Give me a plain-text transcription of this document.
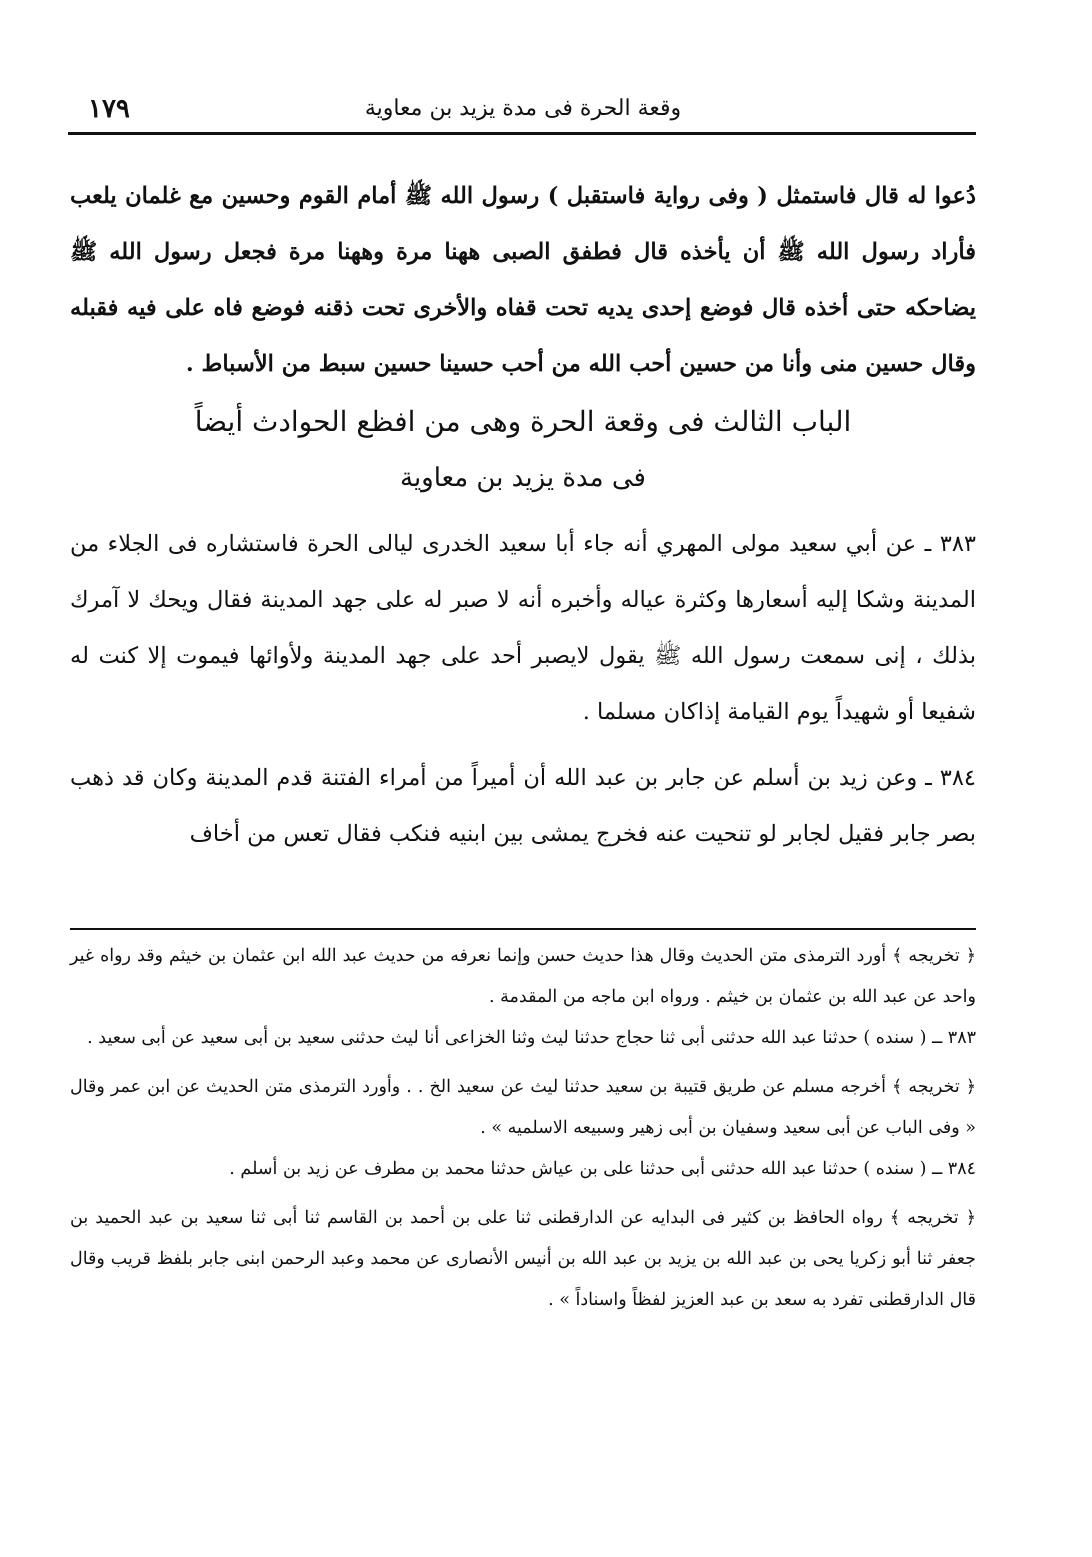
١٧٩	وقعة الحرة فى مدة يزيد بن معاوية

دُعوا له قال فاستمثل ( وفى رواية فاستقبل ) رسول الله ﷺ أمام القوم وحسين مع غلمان يلعب فأراد رسول الله ﷺ أن يأخذه قال فطفق الصبى ههنا مرة وههنا مرة فجعل رسول الله ﷺ يضاحكه حتى أخذه قال فوضع إحدى يديه تحت قفاه والأخرى تحت ذقنه فوضع فاه على فيه فقبله وقال حسين منى وأنا من حسين أحب الله من أحب حسينا حسين سبط من الأسباط .

الباب الثالث فى وقعة الحرة وهى من افظع الحوادث أيضاً
فى مدة يزيد بن معاوية

٣٨٣ ـ عن أبي سعيد مولى المهري أنه جاء أبا سعيد الخدرى ليالى الحرة فاستشاره فى الجلاء من المدينة وشكا إليه أسعارها وكثرة عياله وأخبره أنه لا صبر له على جهد المدينة فقال ويحك لا آمرك بذلك ، إنى سمعت رسول الله ﷺ يقول لايصبر أحد على جهد المدينة ولأوائها فيموت إلا كنت له شفيعا أو شهيداً يوم القيامة إذاكان مسلما .

٣٨٤ ـ وعن زيد بن أسلم عن جابر بن عبد الله أن أميراً من أمراء الفتنة قدم المدينة وكان قد ذهب بصر جابر فقيل لجابر لو تنحيت عنه فخرج يمشى بين ابنيه فنكب فقال تعس من أخاف

﴿ تخريجه ﴾ أورد الترمذى متن الحديث وقال هذا حديث حسن وإنما نعرفه من حديث عبد الله ابن عثمان بن خيثم وقد رواه غير واحد عن عبد الله بن عثمان بن خيثم . ورواه ابن ماجه من المقدمة .

٣٨٣ ــ ( سنده ) حدثنا عبد الله حدثنى أبى ثنا حجاج حدثنا ليث وثنا الخزاعى أنا ليث حدثنى سعيد بن أبى سعيد عن أبى سعيد .

﴿ تخريجه ﴾ أخرجه مسلم عن طريق قتيبة بن سعيد حدثنا ليث عن سعيد الخ . . وأورد الترمذى متن الحديث عن ابن عمر وقال « وفى الباب عن أبى سعيد وسفيان بن أبى زهير وسبيعه الاسلميه » .

٣٨٤ ــ ( سنده ) حدثنا عبد الله حدثنى أبى حدثنا على بن عياش حدثنا محمد بن مطرف عن زيد بن أسلم .

﴿ تخريجه ﴾ رواه الحافظ بن كثير فى البدايه عن الدارقطنى ثنا على بن أحمد بن القاسم ثنا أبى ثنا سعيد بن عبد الحميد بن جعفر ثنا أبو زكريا يحى بن عبد الله بن يزيد بن عبد الله بن أنيس الأنصارى عن محمد وعبد الرحمن ابنى جابر بلفظ قريب وقال قال الدارقطنى تفرد به سعد بن عبد العزيز لفظاً واسناداً » .
